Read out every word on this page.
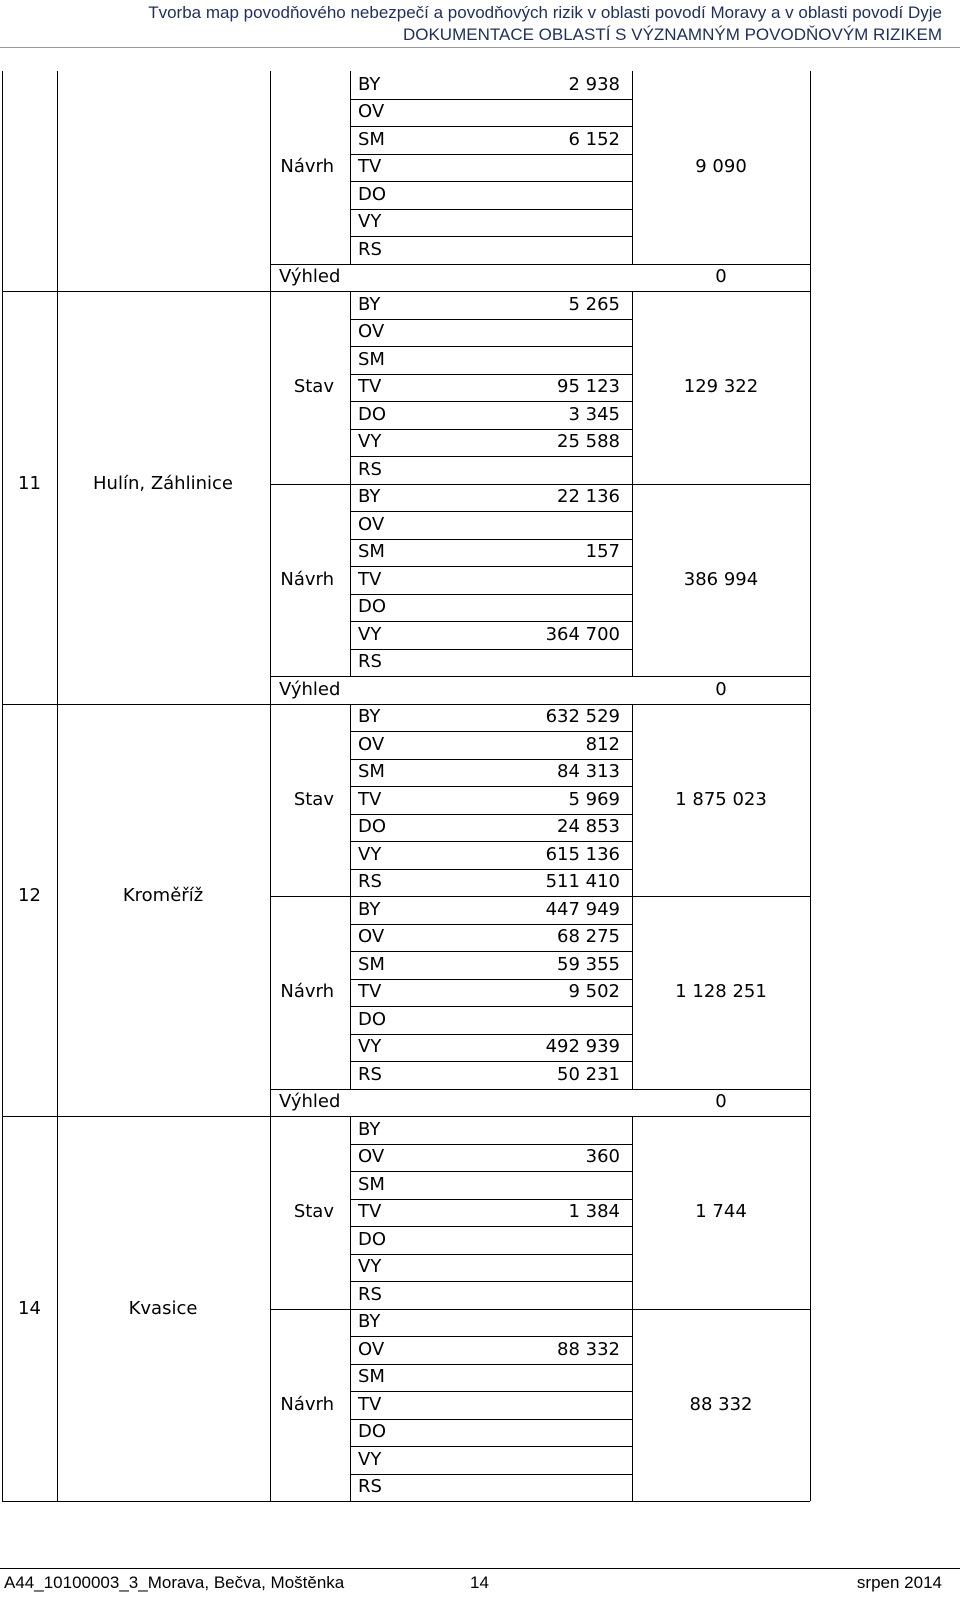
Tvorba map povodňového nebezpečí a povodňových rizik v oblasti povodí Moravy a v oblasti povodí Dyje
DOKUMENTACE OBLASTÍ S VÝZNAMNÝM POVODŇOVÝM RIZIKEM
Návrh
BY	2 938
OV
SM	6 152
TV
DO
VY
RS
9 090
Výhled	0
Stav
BY	5 265
OV
SM
TV	95 123
DO	3 345
VY	25 588
RS
129 322
Návrh
BY	22 136
OV
SM	157
TV
DO
VY	364 700
RS
386 994
11	Hulín, Záhlinice
Výhled	0
Stav
BY	632 529
OV	812
SM	84 313
TV	5 969
DO	24 853
VY	615 136
RS	511 410
1 875 023
Návrh
BY	447 949
OV	68 275
SM	59 355
TV	9 502
DO
VY	492 939
RS	50 231
1 128 251
12	Kroměříž
Výhled	0
Stav
BY
OV	360
SM
TV	1 384
DO
VY
RS
1 744
Návrh
BY
OV	88 332
SM
TV
DO
VY
RS
88 332
14	Kvasice
A44_10100003_3_Morava, Bečva, Moštěnka	14	srpen 2014
